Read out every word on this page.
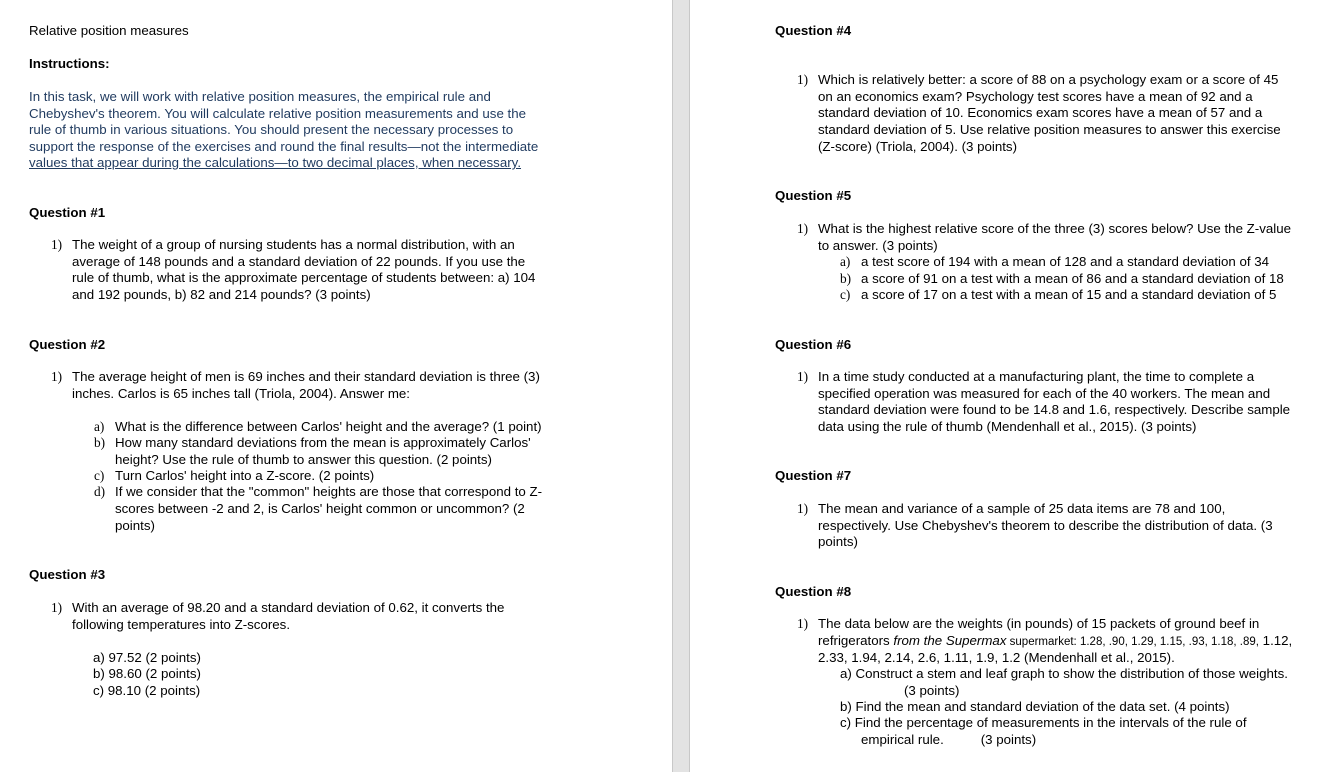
Relative position measures
Instructions:
In this task, we will work with relative position measures, the empirical rule and
Chebyshev's theorem. You will calculate relative position measurements and use the
rule of thumb in various situations. You should present the necessary processes to
support the response of the exercises and round the final results—not the intermediate
values that appear during the calculations—to two decimal places, when necessary.
Question #1
1) The weight of a group of nursing students has a normal distribution, with an
average of 148 pounds and a standard deviation of 22 pounds. If you use the
rule of thumb, what is the approximate percentage of students between: a) 104
and 192 pounds, b) 82 and 214 pounds? (3 points)
Question #2
1) The average height of men is 69 inches and their standard deviation is three (3)
inches. Carlos is 65 inches tall (Triola, 2004). Answer me:
a) What is the difference between Carlos' height and the average? (1 point)
b) How many standard deviations from the mean is approximately Carlos'
height? Use the rule of thumb to answer this question. (2 points)
c) Turn Carlos' height into a Z-score. (2 points)
d) If we consider that the "common" heights are those that correspond to Z-
scores between -2 and 2, is Carlos' height common or uncommon? (2
points)
Question #3
1) With an average of 98.20 and a standard deviation of 0.62, it converts the
following temperatures into Z-scores.
a) 97.52 (2 points)
b) 98.60 (2 points)
c) 98.10 (2 points)
Question #4
1) Which is relatively better: a score of 88 on a psychology exam or a score of 45
on an economics exam? Psychology test scores have a mean of 92 and a
standard deviation of 10. Economics exam scores have a mean of 57 and a
standard deviation of 5. Use relative position measures to answer this exercise
(Z-score) (Triola, 2004). (3 points)
Question #5
1) What is the highest relative score of the three (3) scores below? Use the Z-value
to answer. (3 points)
a) a test score of 194 with a mean of 128 and a standard deviation of 34
b) a score of 91 on a test with a mean of 86 and a standard deviation of 18
c) a score of 17 on a test with a mean of 15 and a standard deviation of 5
Question #6
1) In a time study conducted at a manufacturing plant, the time to complete a
specified operation was measured for each of the 40 workers. The mean and
standard deviation were found to be 14.8 and 1.6, respectively. Describe sample
data using the rule of thumb (Mendenhall et al., 2015). (3 points)
Question #7
1) The mean and variance of a sample of 25 data items are 78 and 100,
respectively. Use Chebyshev's theorem to describe the distribution of data. (3
points)
Question #8
1) The data below are the weights (in pounds) of 15 packets of ground beef in
refrigerators from the Supermax supermarket: 1.28, .90, 1.29, 1.15, .93, 1.18, .89, 1.12,
2.33, 1.94, 2.14, 2.6, 1.11, 1.9, 1.2 (Mendenhall et al., 2015).
a) Construct a stem and leaf graph to show the distribution of those weights.
(3 points)
b) Find the mean and standard deviation of the data set. (4 points)
c) Find the percentage of measurements in the intervals of the rule of
empirical rule.          (3 points)
